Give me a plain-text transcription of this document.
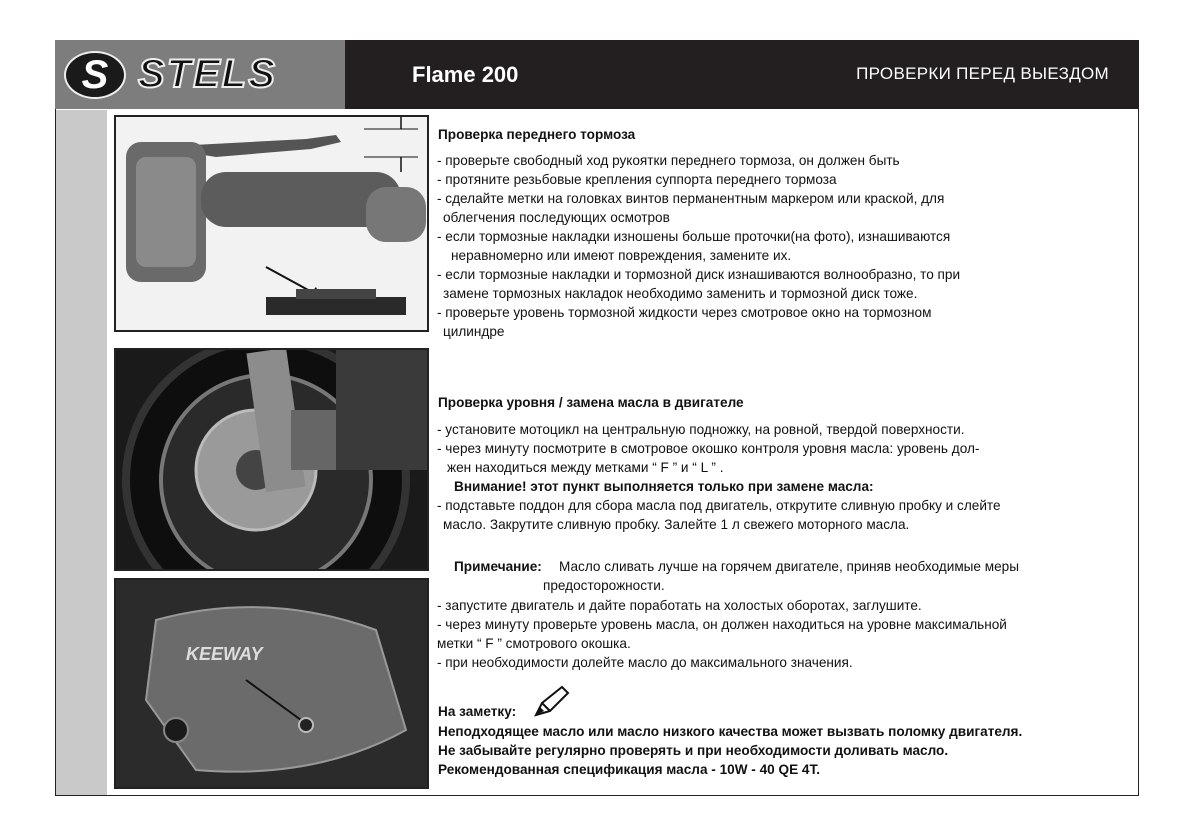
S STELS	Flame 200	ПРОВЕРКИ ПЕРЕД ВЫЕЗДОМ
KEEWAY
Проверка переднего тормоза
- проверьте свободный ход рукоятки переднего тормоза, он должен быть
- протяните резьбовые крепления суппорта переднего тормоза
- сделайте метки на головках винтов перманентным маркером или краской, для
облегчения последующих осмотров
- если тормозные накладки изношены больше проточки(на фото), изнашиваются
неравномерно или имеют повреждения, замените их.
- если тормозные накладки и тормозной диск изнашиваются волнообразно, то при
замене тормозных накладок необходимо заменить и тормозной диск тоже.
- проверьте уровень тормозной жидкости через смотровое окно на тормозном
цилиндре
Проверка уровня / замена масла в двигателе
- установите мотоцикл на центральную подножку, на ровной, твердой поверхности.
- через минуту посмотрите в смотровое окошко контроля уровня масла: уровень дол-
жен находиться между метками “ F ” и “ L ” .
Внимание! этот пункт выполняется только при замене масла:
- подставьте поддон для сбора масла под двигатель, открутите сливную пробку и слейте
масло. Закрутите сливную пробку. Залейте 1 л свежего моторного масла.
Примечание: Масло сливать лучше на горячем двигателе, приняв необходимые меры
предосторожности.
- запустите двигатель и дайте поработать на холостых оборотах, заглушите.
- через минуту проверьте уровень масла, он должен находиться на уровне максимальной
метки “ F ” смотрового окошка.
- при необходимости долейте масло до максимального значения.
На заметку:
Неподходящее масло или масло низкого качества может вызвать поломку двигателя.
Не забывайте регулярно проверять и при необходимости доливать масло.
Рекомендованная спецификация масла - 10W - 40 QE 4T.
